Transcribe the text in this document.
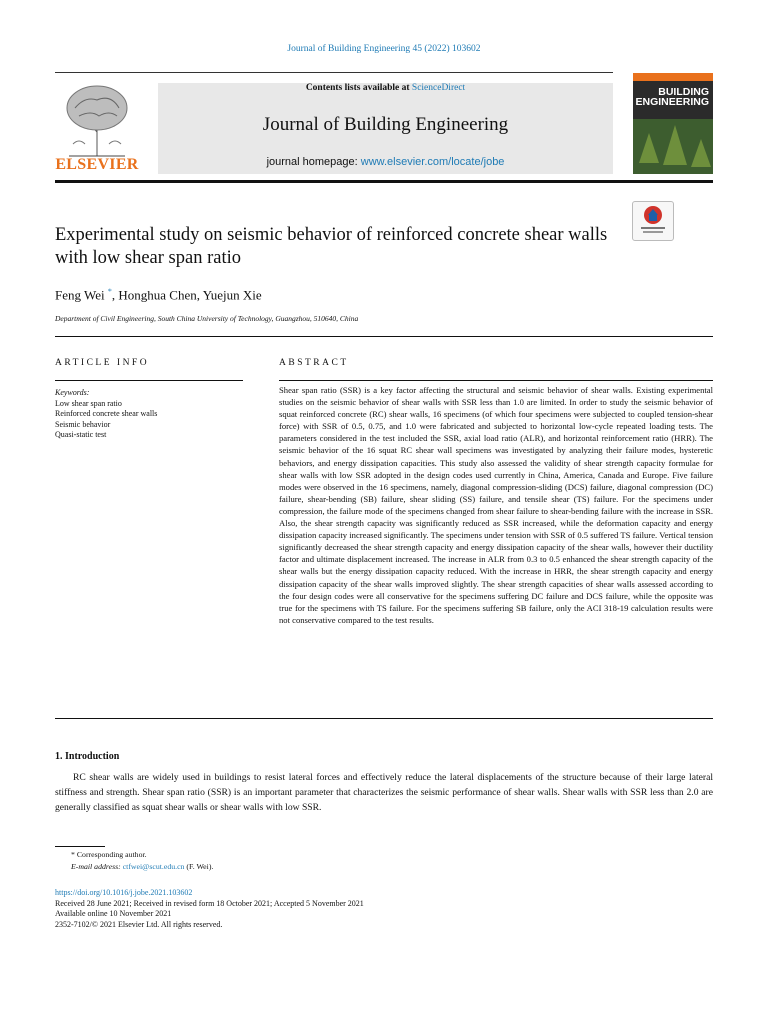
Journal of Building Engineering 45 (2022) 103602
ELSEVIER
Contents lists available at ScienceDirect
Journal of Building Engineering
journal homepage: www.elsevier.com/locate/jobe
BUILDING
ENGINEERING
Experimental study on seismic behavior of reinforced concrete shear walls with low shear span ratio
Feng Wei *, Honghua Chen, Yuejun Xie
Department of Civil Engineering, South China University of Technology, Guangzhou, 510640, China
ARTICLE INFO	ABSTRACT
Keywords:
Low shear span ratio
Reinforced concrete shear walls
Seismic behavior
Quasi-static test
Shear span ratio (SSR) is a key factor affecting the structural and seismic behavior of shear walls. Existing experimental studies on the seismic behavior of shear walls with SSR less than 1.0 are limited. In order to study the seismic behavior of squat reinforced concrete (RC) shear walls, 16 specimens (of which four specimens were subjected to coupled tension-shear force) with SSR of 0.5, 0.75, and 1.0 were fabricated and subjected to horizontal low-cycle repeated loading tests. The parameters considered in the test included the SSR, axial load ratio (ALR), and horizontal reinforcement ratio (HRR). The seismic behavior of the 16 squat RC shear wall specimens was investigated by analyzing their failure modes, hysteretic behaviors, and energy dissipation capacities. This study also assessed the validity of shear strength capacity formulae for shear walls with low SSR adopted in the design codes used currently in China, America, Canada and Europe. Five failure modes were observed in the 16 specimens, namely, diagonal compression-sliding (DCS) failure, diagonal compression (DC) failure, shear-bending (SB) failure, shear sliding (SS) failure, and tensile shear (TS) failure. For the specimens under compression, the failure mode of the specimens changed from shear failure to shear-bending failure with the increase in SSR. Also, the shear strength capacity was significantly reduced as SSR increased, while the deformation capacity and energy dissipation capacity increased significantly. The specimens under tension with SSR of 0.5 suffered TS failure. Vertical tension significantly decreased the shear strength capacity and energy dissipation capacity of the shear walls, however their ductility factor and ultimate displacement increased. The increase in ALR from 0.3 to 0.5 enhanced the shear strength capacity of the shear walls but the energy dissipation capacity reduced. With the increase in HRR, the shear strength capacity and energy dissipation capacity of the shear walls improved slightly. The shear strength capacities of shear walls assessed according to the four design codes were all conservative for the specimens suffering DC failure and DCS failure, while the opposite was true for the specimens with TS failure. For the specimens suffering SB failure, only the ACI 318-19 calculation results were not conservative compared to the test results.
1. Introduction
RC shear walls are widely used in buildings to resist lateral forces and effectively reduce the lateral displacements of the structure because of their large lateral stiffness and strength. Shear span ratio (SSR) is an important parameter that characterizes the seismic performance of shear walls. Shear walls with SSR less than 2.0 are generally classified as squat shear walls or shear walls with low SSR.
* Corresponding author.
E-mail address: ctfwei@scut.edu.cn (F. Wei).
https://doi.org/10.1016/j.jobe.2021.103602
Received 28 June 2021; Received in revised form 18 October 2021; Accepted 5 November 2021
Available online 10 November 2021
2352-7102/© 2021 Elsevier Ltd. All rights reserved.
